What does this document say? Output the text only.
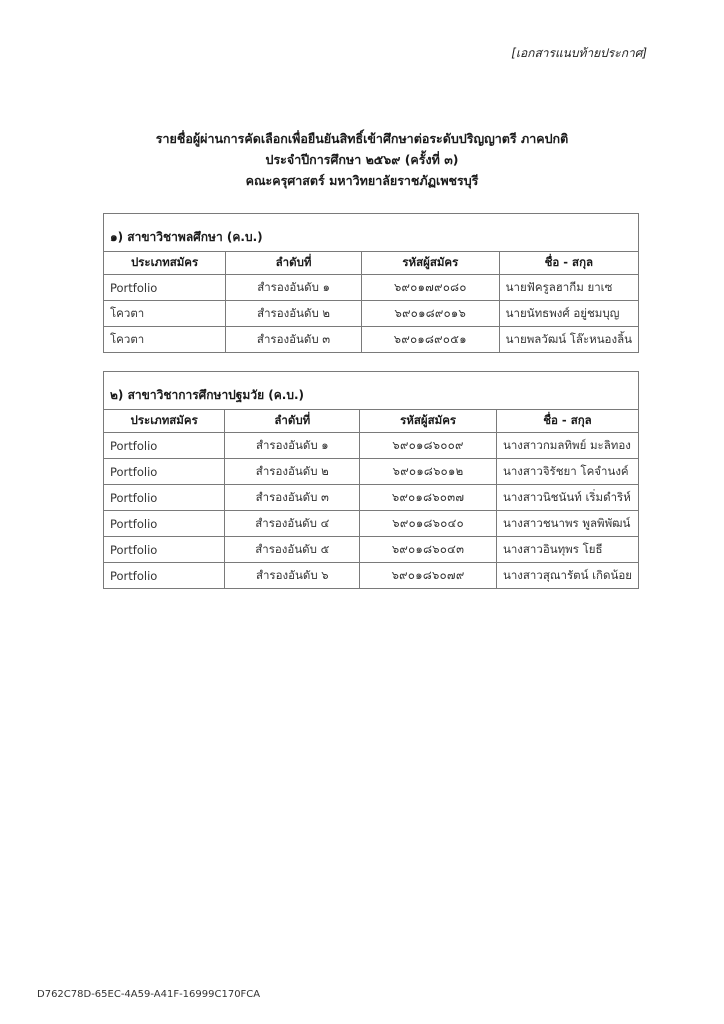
[เอกสารแนบท้ายประกาศ]
รายชื่อผู้ผ่านการคัดเลือกเพื่อยืนยันสิทธิ์เข้าศึกษาต่อระดับปริญญาตรี ภาคปกติ
ประจำปีการศึกษา ๒๕๖๙ (ครั้งที่ ๓)
คณะครุศาสตร์ มหาวิทยาลัยราชภัฏเพชรบุรี
๑) สาขาวิชาพลศึกษา (ค.บ.)			
ประเภทสมัคร	ลำดับที่	รหัสผู้สมัคร	ชื่อ - สกุล
Portfolio	สำรองอันดับ ๑	๖๙๐๑๗๙๐๘๐	นายฟัครูลฮากีม ยาเซ
โควตา	สำรองอันดับ ๒	๖๙๐๑๘๙๐๑๖	นายนัทธพงศ์ อยู่ชมบุญ
โควตา	สำรองอันดับ ๓	๖๙๐๑๘๙๐๕๑	นายพลวัฒน์ โล๊ะหนองลิ้น
๒) สาขาวิชาการศึกษาปฐมวัย (ค.บ.)			
ประเภทสมัคร	ลำดับที่	รหัสผู้สมัคร	ชื่อ - สกุล
Portfolio	สำรองอันดับ ๑	๖๙๐๑๘๖๐๐๙	นางสาวกมลทิพย์ มะลิทอง
Portfolio	สำรองอันดับ ๒	๖๙๐๑๘๖๐๑๒	นางสาวจิรัชยา โคจำนงค์
Portfolio	สำรองอันดับ ๓	๖๙๐๑๘๖๐๓๗	นางสาวนิชนันท์ เริ่มดำริห์
Portfolio	สำรองอันดับ ๔	๖๙๐๑๘๖๐๔๐	นางสาวชนาพร พูลพิพัฒน์
Portfolio	สำรองอันดับ ๕	๖๙๐๑๘๖๐๔๓	นางสาวอินทุพร โยธี
Portfolio	สำรองอันดับ ๖	๖๙๐๑๘๖๐๗๙	นางสาวสุณารัตน์ เกิดน้อย
D762C78D-65EC-4A59-A41F-16999C170FCA
